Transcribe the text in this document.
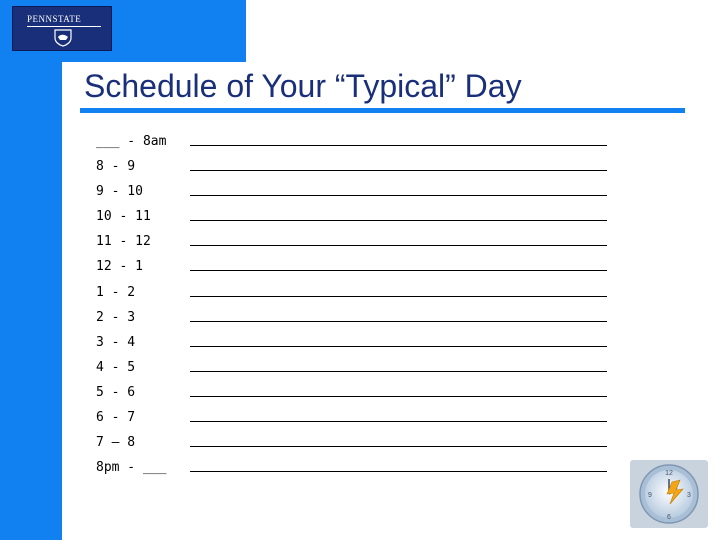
PENNSTATE
Schedule of Your “Typical” Day
___ - 8am
8 - 9
9 - 10
10 - 11
11 - 12
12 - 1
1 - 2
2 - 3
3 - 4
4 - 5
5 - 6
6 - 7
7 – 8
8pm - ___	12
3
6
9
